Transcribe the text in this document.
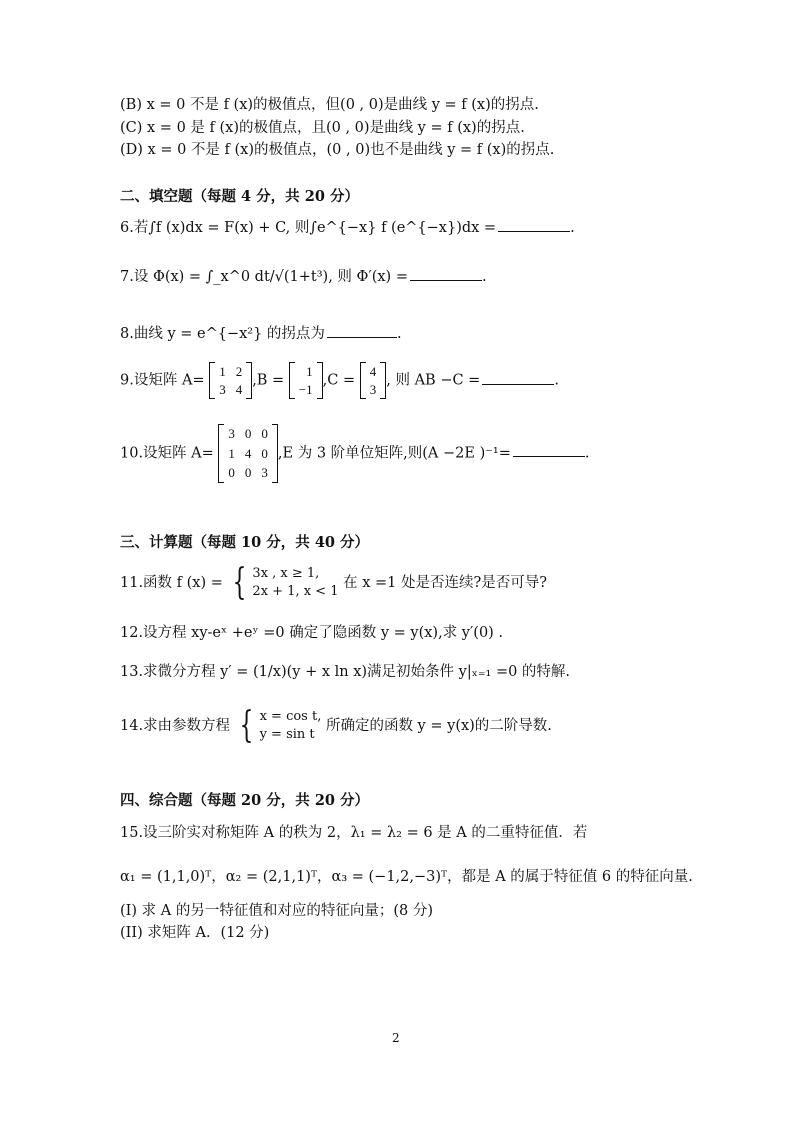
(B) x = 0 不是 f (x)的极值点，但(0 , 0)是曲线 y = f (x)的拐点.
(C) x = 0 是 f (x)的极值点，且(0 , 0)是曲线 y = f (x)的拐点.
(D) x = 0 不是 f (x)的极值点，(0 , 0)也不是曲线 y = f (x)的拐点.
二、填空题（每题 4 分，共 20 分）
6.若∫f (x)dx = F(x) + C, 则∫e^{−x} f (e^{−x})dx =	.
7.设 Φ(x) = ∫_x^0 dt/√(1+t³), 则 Φ′(x) =	.
8.曲线 y = e^{−x²} 的拐点为	.
9.设矩阵 A=
1 2
3 4
,B =
1
−1
,C =
4
3
, 则 AB −C =	.
10.设矩阵 A=
3 0 0
1 4 0
0 0 3
,E 为 3 阶单位矩阵,则(A −2E )⁻¹=	.
三、计算题（每题 10 分，共 40 分）
11.函数 f (x) = { 3x , x ≥ 1,
2x + 1, x < 1
在 x =1 处是否连续?是否可导?
12.设方程 xy-eˣ +eʸ =0 确定了隐函数 y = y(x),求 y′(0) .
13.求微分方程 y′ = (1/x)(y + x ln x)满足初始条件 y|ₓ₌₁ =0 的特解.
14.求由参数方程 { x = cos t,
y = sin t
所确定的函数 y = y(x)的二阶导数.
四、综合题（每题 20 分，共 20 分）
15.设三阶实对称矩阵 A 的秩为 2，λ₁ = λ₂ = 6 是 A 的二重特征值．若
α₁ = (1,1,0)ᵀ，α₂ = (2,1,1)ᵀ，α₃ = (−1,2,−3)ᵀ，都是 A 的属于特征值 6 的特征向量.
(I) 求 A 的另一特征值和对应的特征向量；(8 分)
(II) 求矩阵 A．(12 分)
2
